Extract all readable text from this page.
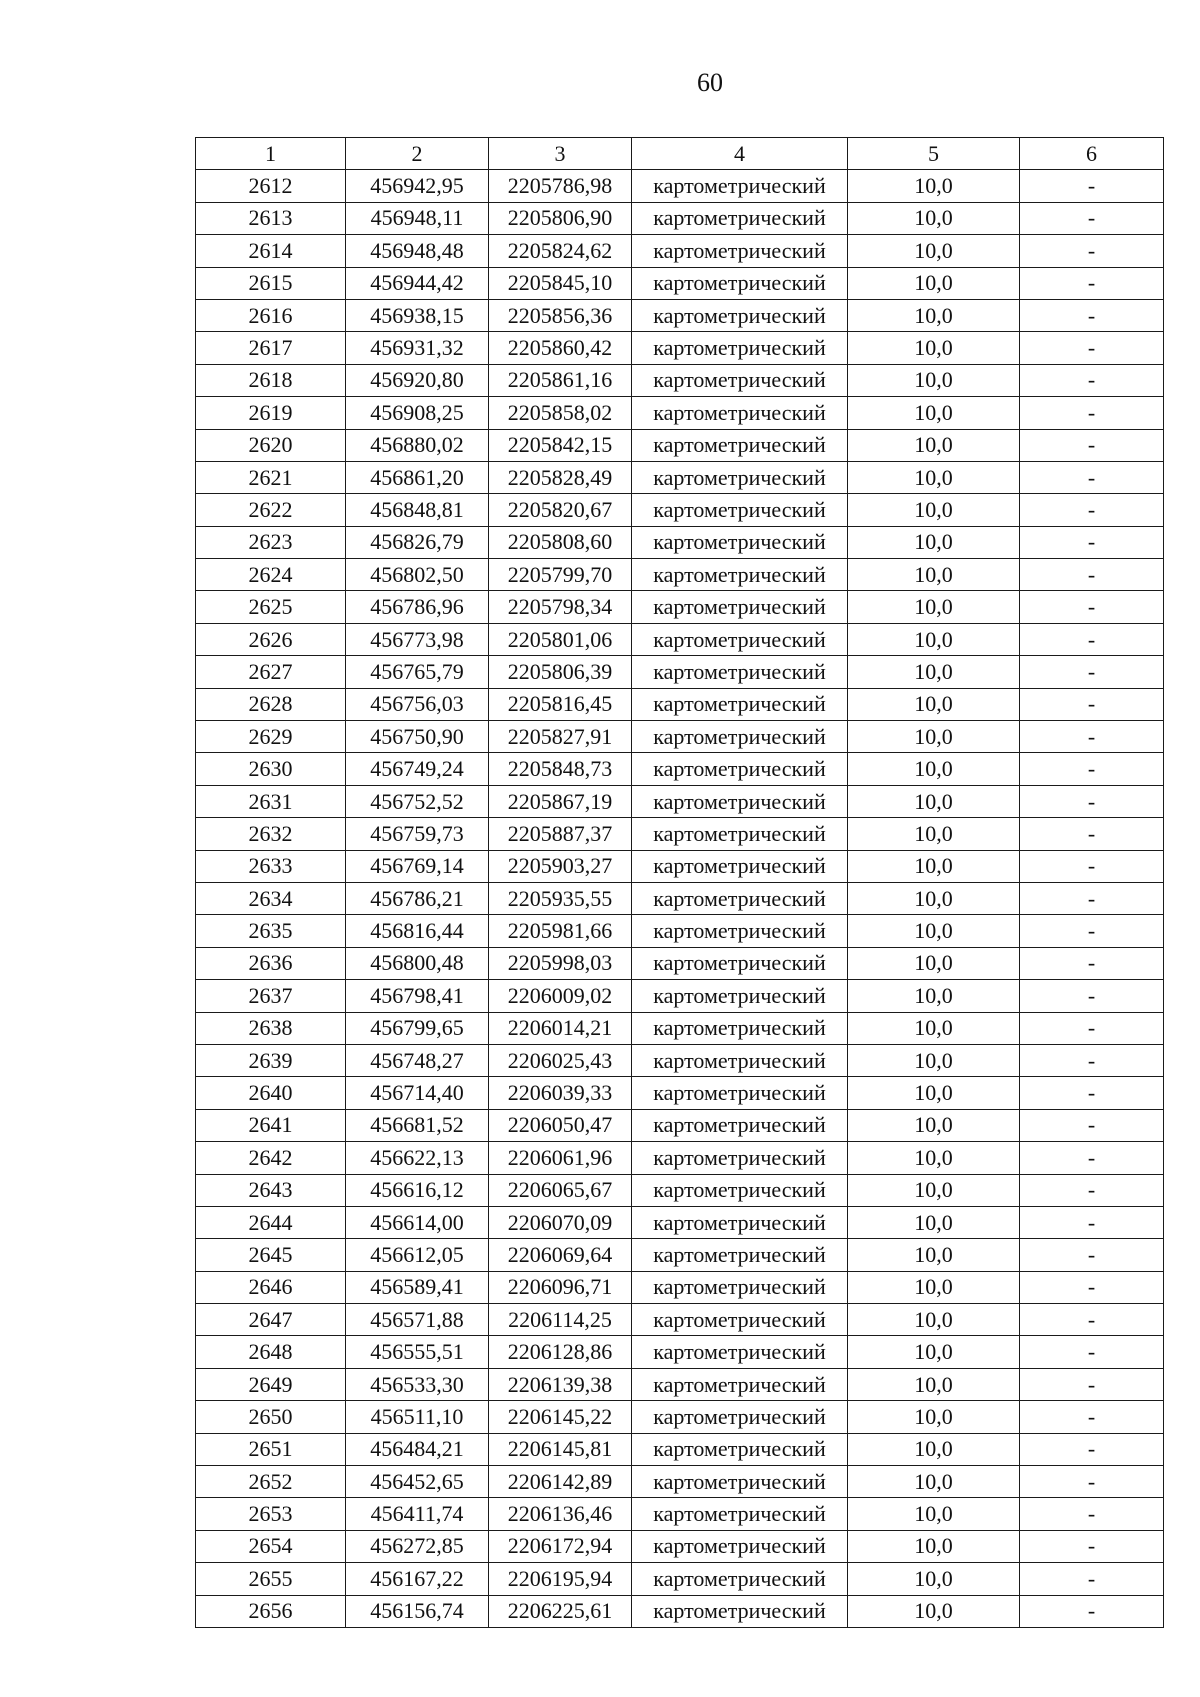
60
1	2	3	4	5	6
2612	456942,95	2205786,98	картометрический	10,0	-
2613	456948,11	2205806,90	картометрический	10,0	-
2614	456948,48	2205824,62	картометрический	10,0	-
2615	456944,42	2205845,10	картометрический	10,0	-
2616	456938,15	2205856,36	картометрический	10,0	-
2617	456931,32	2205860,42	картометрический	10,0	-
2618	456920,80	2205861,16	картометрический	10,0	-
2619	456908,25	2205858,02	картометрический	10,0	-
2620	456880,02	2205842,15	картометрический	10,0	-
2621	456861,20	2205828,49	картометрический	10,0	-
2622	456848,81	2205820,67	картометрический	10,0	-
2623	456826,79	2205808,60	картометрический	10,0	-
2624	456802,50	2205799,70	картометрический	10,0	-
2625	456786,96	2205798,34	картометрический	10,0	-
2626	456773,98	2205801,06	картометрический	10,0	-
2627	456765,79	2205806,39	картометрический	10,0	-
2628	456756,03	2205816,45	картометрический	10,0	-
2629	456750,90	2205827,91	картометрический	10,0	-
2630	456749,24	2205848,73	картометрический	10,0	-
2631	456752,52	2205867,19	картометрический	10,0	-
2632	456759,73	2205887,37	картометрический	10,0	-
2633	456769,14	2205903,27	картометрический	10,0	-
2634	456786,21	2205935,55	картометрический	10,0	-
2635	456816,44	2205981,66	картометрический	10,0	-
2636	456800,48	2205998,03	картометрический	10,0	-
2637	456798,41	2206009,02	картометрический	10,0	-
2638	456799,65	2206014,21	картометрический	10,0	-
2639	456748,27	2206025,43	картометрический	10,0	-
2640	456714,40	2206039,33	картометрический	10,0	-
2641	456681,52	2206050,47	картометрический	10,0	-
2642	456622,13	2206061,96	картометрический	10,0	-
2643	456616,12	2206065,67	картометрический	10,0	-
2644	456614,00	2206070,09	картометрический	10,0	-
2645	456612,05	2206069,64	картометрический	10,0	-
2646	456589,41	2206096,71	картометрический	10,0	-
2647	456571,88	2206114,25	картометрический	10,0	-
2648	456555,51	2206128,86	картометрический	10,0	-
2649	456533,30	2206139,38	картометрический	10,0	-
2650	456511,10	2206145,22	картометрический	10,0	-
2651	456484,21	2206145,81	картометрический	10,0	-
2652	456452,65	2206142,89	картометрический	10,0	-
2653	456411,74	2206136,46	картометрический	10,0	-
2654	456272,85	2206172,94	картометрический	10,0	-
2655	456167,22	2206195,94	картометрический	10,0	-
2656	456156,74	2206225,61	картометрический	10,0	-
